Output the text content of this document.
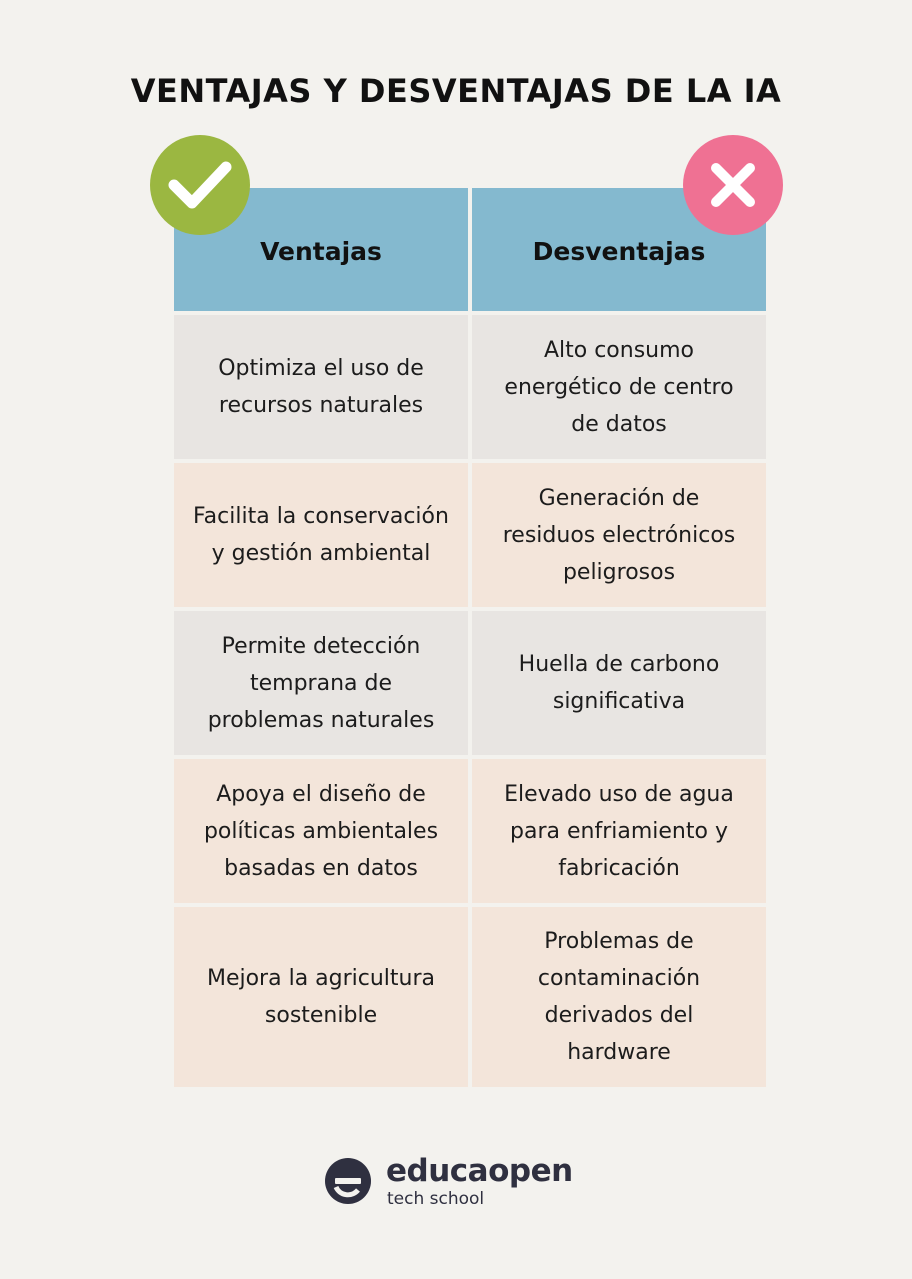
VENTAJAS Y DESVENTAJAS DE LA IA
Ventajas	Desventajas
Optimiza el uso de recursos naturales
Alto consumo energético de centro de datos
Facilita la conservación y gestión ambiental
Generación de residuos electrónicos peligrosos
Permite detección temprana de problemas naturales
Huella de carbono significativa
Apoya el diseño de políticas ambientales basadas en datos
Elevado uso de agua para enfriamiento y fabricación
Mejora la agricultura sostenible
Problemas de contaminación derivados del hardware
educaopen
tech school
